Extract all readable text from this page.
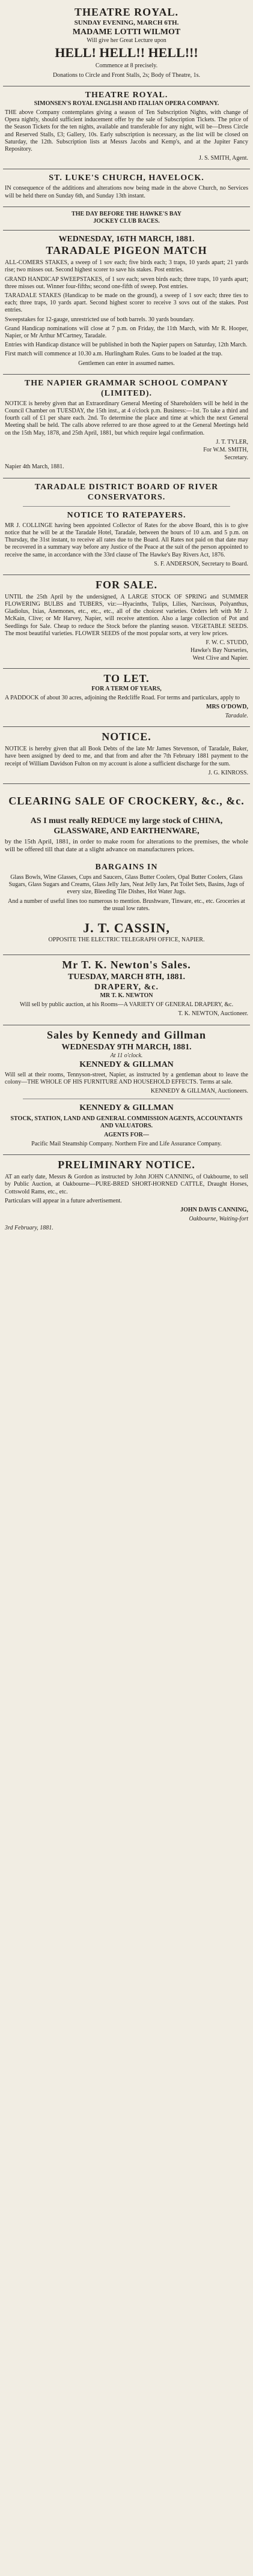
THEATRE ROYAL.
SUNDAY EVENING, MARCH 6TH.
MADAME LOTTI WILMOT
Will give her Great Lecture upon
HELL! HELL!! HELL!!!

Commence at 8 precisely.

Donations to Circle and Front Stalls, 2s; Body of Theatre, 1s.

THEATRE ROYAL.
SIMONSEN'S ROYAL ENGLISH AND ITALIAN OPERA COMPANY.

THE above Company contemplates giving a season of Ten Subscription Nights, with change of Opera nightly, should sufficient inducement offer by the sale of Subscription Tickets. The price of the Season Tickets for the ten nights, available and transferable for any night, will be—Dress Circle and Reserved Stalls, £3; Gallery, 10s. Early subscription is necessary, as the list will be closed on Saturday, the 12th. Subscription lists at Messrs Jacobs and Kemp's, and at the Jupiter Fancy Repository.

J. S. SMITH, Agent.

ST. LUKE'S CHURCH, HAVELOCK.

IN consequence of the additions and alterations now being made in the above Church, no Services will be held there on Sunday 6th, and Sunday 13th instant.

THE DAY BEFORE THE HAWKE'S BAY
JOCKEY CLUB RACES.
WEDNESDAY, 16TH MARCH, 1881.
TARADALE PIGEON MATCH

ALL-COMERS STAKES, a sweep of 1 sov each; five birds each; 3 traps, 10 yards apart; 21 yards rise; two misses out. Second highest scorer to save his stakes. Post entries.

GRAND HANDICAP SWEEPSTAKES, of 1 sov each; seven birds each; three traps, 10 yards apart; three misses out. Winner four-fifths; second one-fifth of sweep. Post entries.

TARADALE STAKES (Handicap to be made on the ground), a sweep of 1 sov each; three ties to each; three traps, 10 yards apart. Second highest scorer to receive 3 sovs out of the stakes. Post entries.

Sweepstakes for 12-gauge, unrestricted use of both barrels. 30 yards boundary.

Grand Handicap nominations will close at 7 p.m. on Friday, the 11th March, with Mr R. Hooper, Napier, or Mr Arthur M'Cartney, Taradale.

Entries with Handicap distance will be published in both the Napier papers on Saturday, 12th March.

First match will commence at 10.30 a.m. Hurlingham Rules. Guns to be loaded at the trap.

Gentlemen can enter in assumed names.

THE NAPIER GRAMMAR SCHOOL COMPANY (LIMITED).

NOTICE is hereby given that an Extraordinary General Meeting of Shareholders will be held in the Council Chamber on TUESDAY, the 15th inst., at 4 o'clock p.m. Business:—1st. To take a third and fourth call of £1 per share each. 2nd. To determine the place and time at which the next General Meeting shall be held. The calls above referred to are those agreed to at the General Meetings held on the 15th May, 1878, and 25th April, 1881, but which require legal confirmation.

J. T. TYLER,

For W.M. SMITH,

Secretary.

Napier 4th March, 1881.

TARADALE DISTRICT BOARD OF RIVER CONSERVATORS.
NOTICE TO RATEPAYERS.

MR J. COLLINGE having been appointed Collector of Rates for the above Board, this is to give notice that he will be at the Taradale Hotel, Taradale, between the hours of 10 a.m. and 5 p.m. on Thursday, the 31st instant, to receive all rates due to the Board. All Rates not paid on that date may be recovered in a summary way before any Justice of the Peace at the suit of the person appointed to receive the same, in accordance with the 33rd clause of The Hawke's Bay Rivers Act, 1876.

S. F. ANDERSON, Secretary to Board.

FOR SALE.

UNTIL the 25th April by the undersigned, A LARGE STOCK OF SPRING and SUMMER FLOWERING BULBS and TUBERS, viz:—Hyacinths, Tulips, Lilies, Narcissus, Polyanthus, Gladiolus, Ixias, Anemones, etc., etc., etc., all of the choicest varieties. Orders left with Mr J. McKain, Clive; or Mr Harvey, Napier, will receive attention. Also a large collection of Pot and Seedlings for Sale. Cheap to reduce the Stock before the planting season. VEGETABLE SEEDS. The most beautiful varieties. FLOWER SEEDS of the most popular sorts, at very low prices.

F. W. C. STUDD,

Hawke's Bay Nurseries,

West Clive and Napier.

TO LET.
FOR A TERM OF YEARS,

A PADDOCK of about 30 acres, adjoining the Redcliffe Road. For terms and particulars, apply to

MRS O'DOWD,

Taradale.

NOTICE.

NOTICE is hereby given that all Book Debts of the late Mr James Stevenson, of Taradale, Baker, have been assigned by deed to me, and that from and after the 7th February 1881 payment to the receipt of William Davidson Fulton on my account is alone a sufficient discharge for the sum.

J. G. KINROSS.

CLEARING SALE OF CROCKERY, &c., &c.

AS I must really REDUCE my large stock of CHINA, GLASSWARE, AND EARTHENWARE,

by the 15th April, 1881, in order to make room for alterations to the premises, the whole will be offered till that date at a slight advance on manufacturers prices.

BARGAINS IN

Glass Bowls, Wine Glasses, Cups and Saucers, Glass Butter Coolers, Opal Butter Coolers, Glass Sugars, Glass Sugars and Creams, Glass Jelly Jars, Neat Jelly Jars, Pat Toilet Sets, Basins, Jugs of every size, Bleeding Tile Dishes, Hot Water Jugs.

And a number of useful lines too numerous to mention. Brushware, Tinware, etc., etc. Groceries at the usual low rates.

J. T. CASSIN,
OPPOSITE THE ELECTRIC TELEGRAPH OFFICE, NAPIER.
Mr T. K. Newton's Sales.
TUESDAY, MARCH 8TH, 1881.
DRAPERY, &c.
MR T. K. NEWTON

Will sell by public auction, at his Rooms—A VARIETY OF GENERAL DRAPERY, &c.

T. K. NEWTON, Auctioneer.

Sales by Kennedy and Gillman
WEDNESDAY 9TH MARCH, 1881.
At 11 o'clock.
KENNEDY & GILLMAN

Will sell at their rooms, Tennyson-street, Napier, as instructed by a gentleman about to leave the colony—THE WHOLE OF HIS FURNITURE AND HOUSEHOLD EFFECTS. Terms at sale.

KENNEDY & GILLMAN, Auctioneers.

KENNEDY & GILLMAN

STOCK, STATION, LAND AND GENERAL COMMISSION AGENTS, ACCOUNTANTS AND VALUATORS.

AGENTS FOR—

Pacific Mail Steamship Company. Northern Fire and Life Assurance Company.

PRELIMINARY NOTICE.

AT an early date, Messrs & Gordon as instructed by John JOHN CANNING, of Oakbourne, to sell by Public Auction, at Oakbourne—PURE-BRED SHORT-HORNED CATTLE, Draught Horses, Cottswold Rams, etc., etc.

Particulars will appear in a future advertisement.

JOHN DAVIS CANNING,

Oakbourne, Waiting-fort

3rd February, 1881.
